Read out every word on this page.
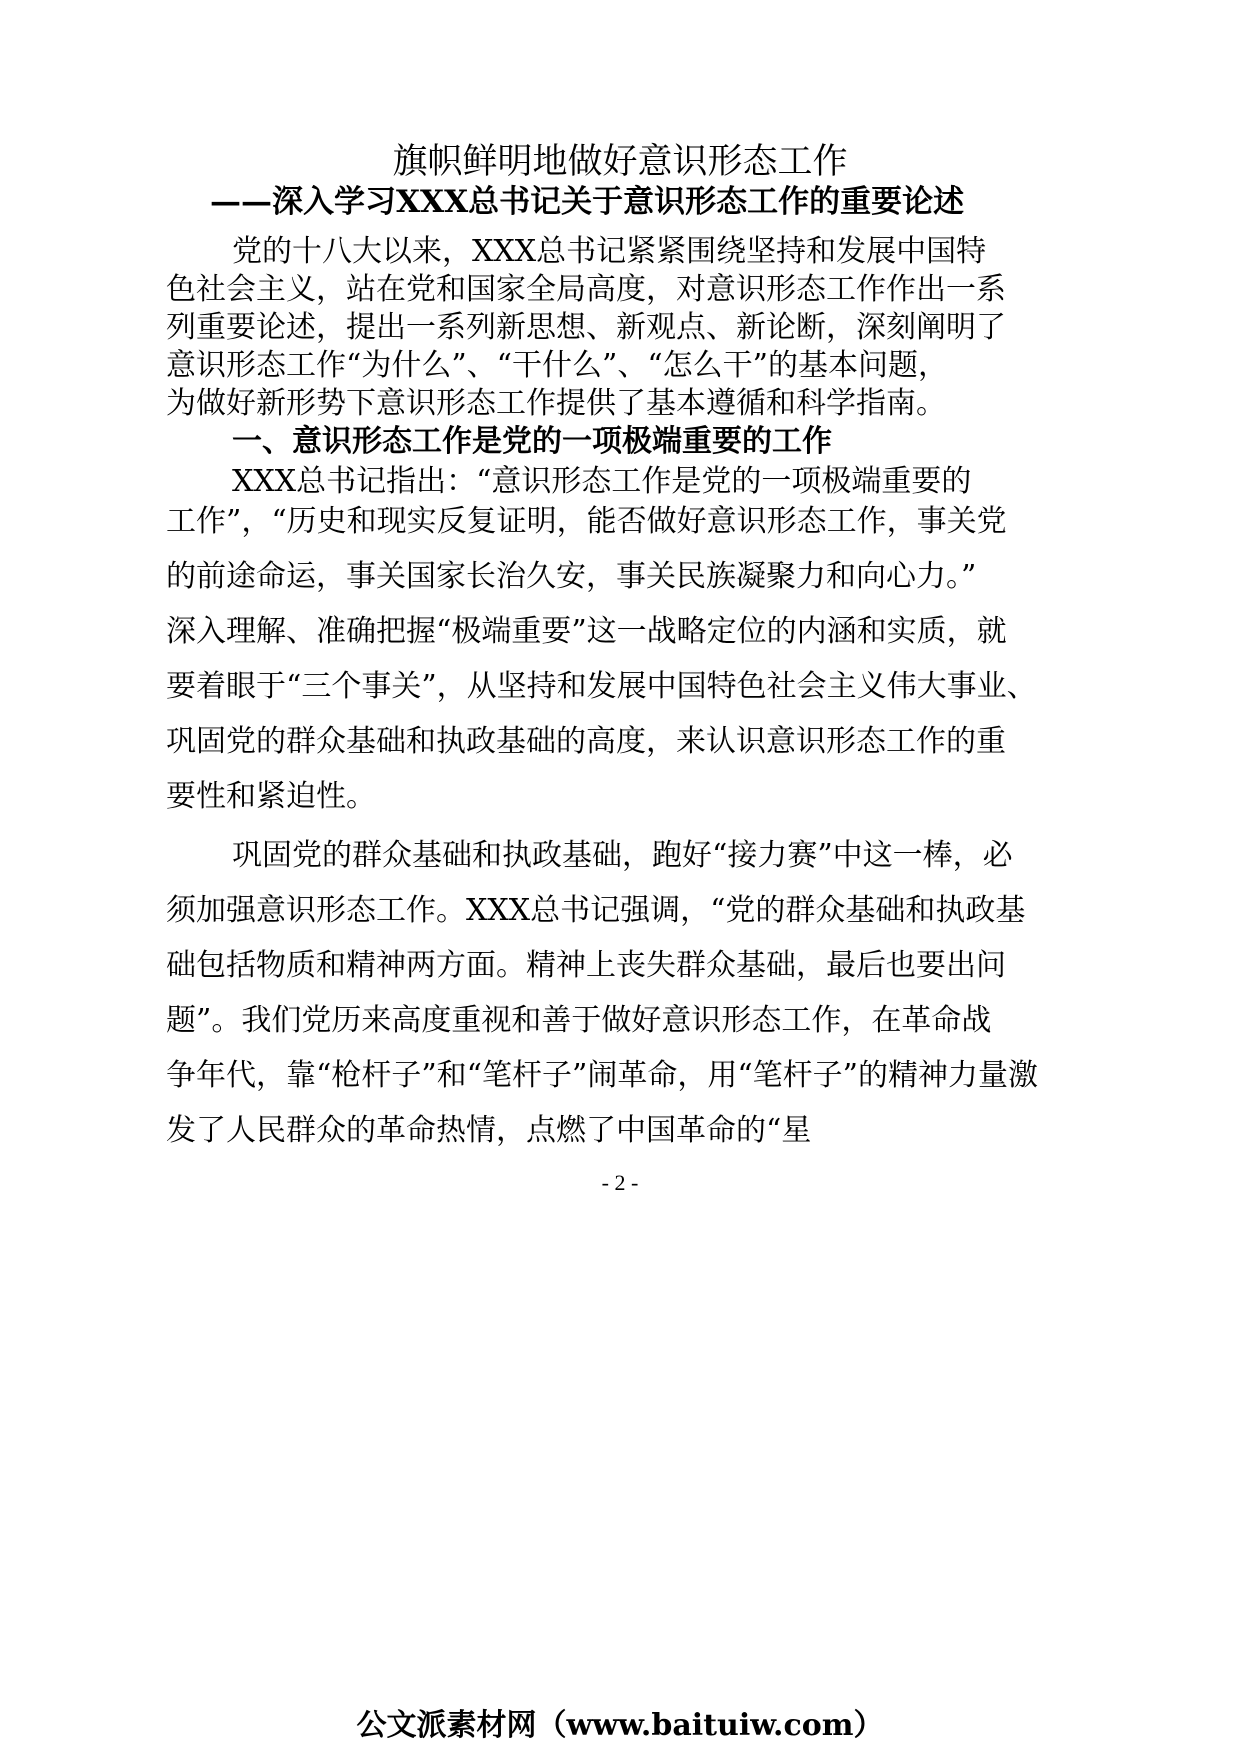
旗帜鲜明地做好意识形态工作
——深入学习XXX总书记关于意识形态工作的重要论述
党的十八大以来，XXX总书记紧紧围绕坚持和发展中国特
色社会主义，站在党和国家全局高度，对意识形态工作作出一系
列重要论述，提出一系列新思想、新观点、新论断，深刻阐明了
意识形态工作“为什么”、“干什么”、“怎么干”的基本问题，
为做好新形势下意识形态工作提供了基本遵循和科学指南。
一、意识形态工作是党的一项极端重要的工作
XXX总书记指出：“意识形态工作是党的一项极端重要的
工作”，“历史和现实反复证明，能否做好意识形态工作，事关党
的前途命运，事关国家长治久安，事关民族凝聚力和向心力。”
深入理解、准确把握“极端重要”这一战略定位的内涵和实质，就
要着眼于“三个事关”，从坚持和发展中国特色社会主义伟大事业、
巩固党的群众基础和执政基础的高度，来认识意识形态工作的重
要性和紧迫性。
巩固党的群众基础和执政基础，跑好“接力赛”中这一棒，必
须加强意识形态工作。XXX总书记强调，“党的群众基础和执政基
础包括物质和精神两方面。精神上丧失群众基础，最后也要出问
题”。我们党历来高度重视和善于做好意识形态工作，在革命战
争年代，靠“枪杆子”和“笔杆子”闹革命，用“笔杆子”的精神力量激
发了人民群众的革命热情，点燃了中国革命的“星
- 2 -
公文派素材网（www.baituiw.com）
